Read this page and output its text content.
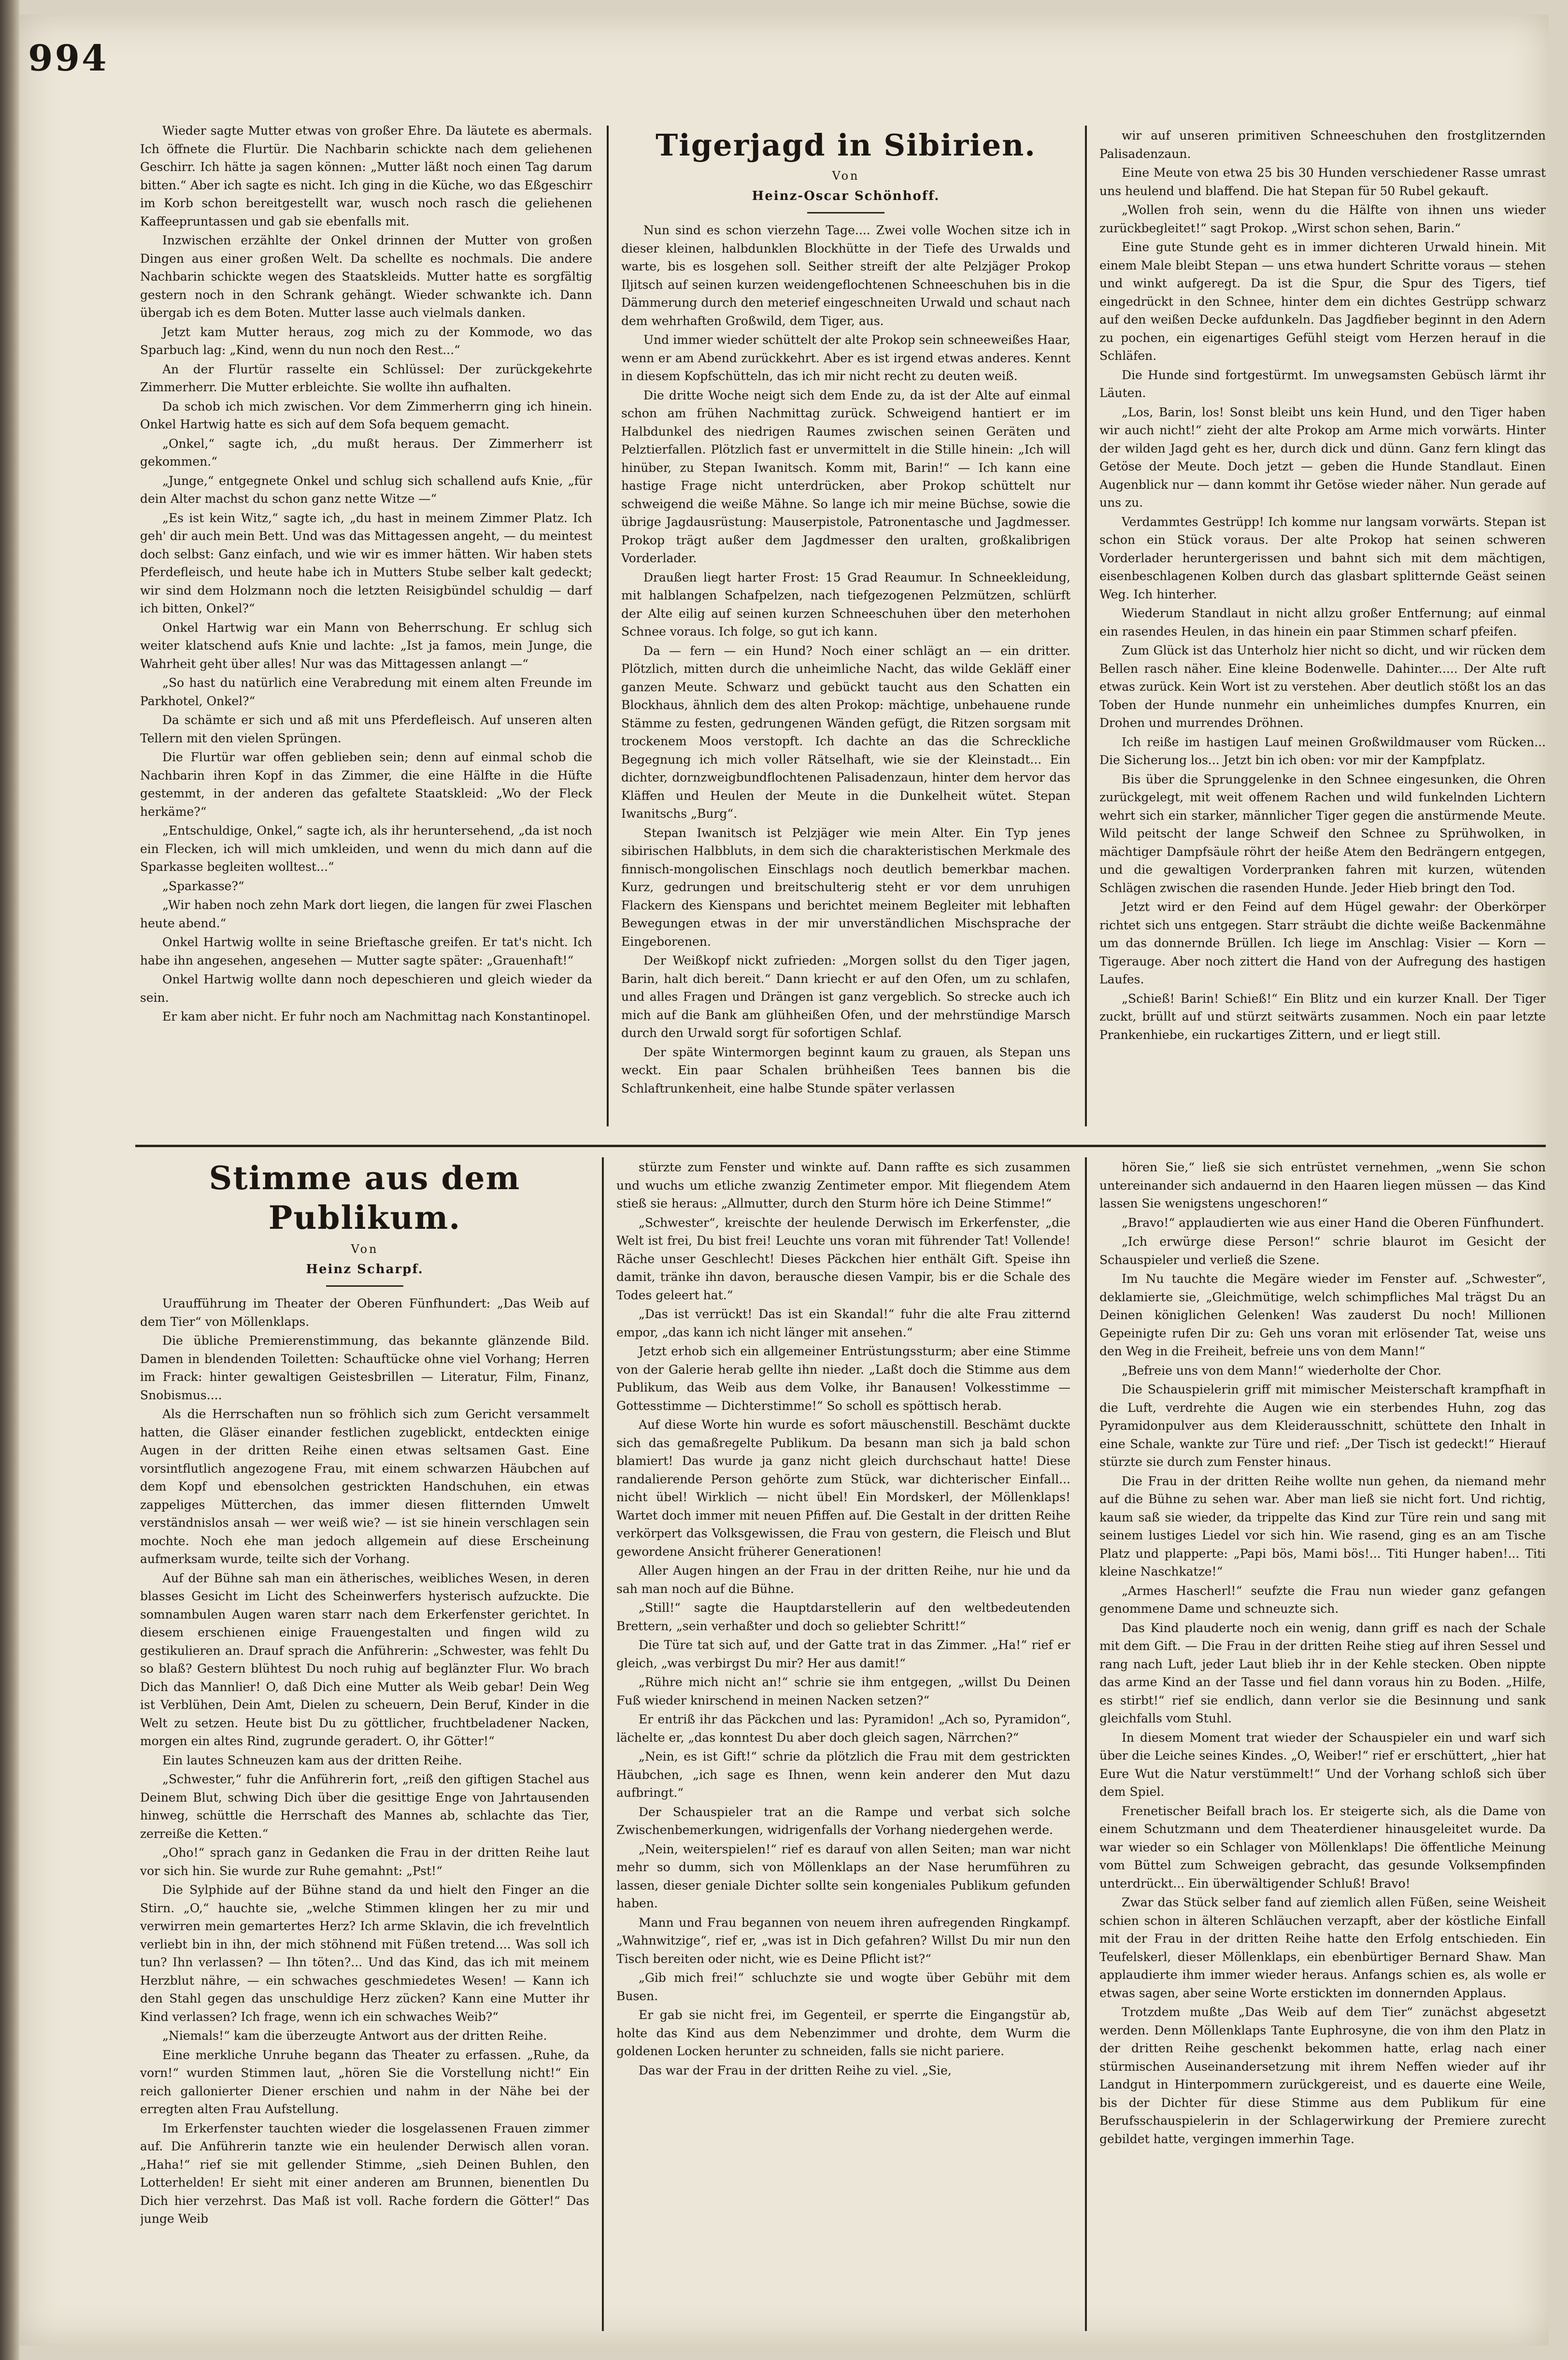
994

Wieder sagte Mutter etwas von großer Ehre. Da läutete es abermals. Ich öffnete die Flurtür. Die Nachbarin schickte nach dem geliehenen Geschirr. Ich hätte ja sagen können: „Mutter läßt noch einen Tag darum bitten.“ Aber ich sagte es nicht. Ich ging in die Küche, wo das Eßgeschirr im Korb schon bereitgestellt war, wusch noch rasch die geliehenen Kaffeepruntassen und gab sie ebenfalls mit.

Inzwischen erzählte der Onkel drinnen der Mutter von großen Dingen aus einer großen Welt. Da schellte es nochmals. Die andere Nachbarin schickte wegen des Staatskleids. Mutter hatte es sorgfältig gestern noch in den Schrank gehängt. Wieder schwankte ich. Dann übergab ich es dem Boten. Mutter lasse auch vielmals danken.

Jetzt kam Mutter heraus, zog mich zu der Kommode, wo das Sparbuch lag: „Kind, wenn du nun noch den Rest...“

An der Flurtür rasselte ein Schlüssel: Der zurückgekehrte Zimmerherr. Die Mutter erbleichte. Sie wollte ihn aufhalten.

Da schob ich mich zwischen. Vor dem Zimmerherrn ging ich hinein. Onkel Hartwig hatte es sich auf dem Sofa bequem gemacht.

„Onkel,“ sagte ich, „du mußt heraus. Der Zimmerherr ist gekommen.“

„Junge,“ entgegnete Onkel und schlug sich schallend aufs Knie, „für dein Alter machst du schon ganz nette Witze —“

„Es ist kein Witz,“ sagte ich, „du hast in meinem Zimmer Platz. Ich geh' dir auch mein Bett. Und was das Mittagessen angeht, — du meintest doch selbst: Ganz einfach, und wie wir es immer hätten. Wir haben stets Pferdefleisch, und heute habe ich in Mutters Stube selber kalt gedeckt; wir sind dem Holzmann noch die letzten Reisigbündel schuldig — darf ich bitten, Onkel?“

Onkel Hartwig war ein Mann von Beherrschung. Er schlug sich weiter klatschend aufs Knie und lachte: „Ist ja famos, mein Junge, die Wahrheit geht über alles! Nur was das Mittagessen anlangt —“

„So hast du natürlich eine Verabredung mit einem alten Freunde im Parkhotel, Onkel?“

Da schämte er sich und aß mit uns Pferdefleisch. Auf unseren alten Tellern mit den vielen Sprüngen.

Die Flurtür war offen geblieben sein; denn auf einmal schob die Nachbarin ihren Kopf in das Zimmer, die eine Hälfte in die Hüfte gestemmt, in der anderen das gefaltete Staatskleid: „Wo der Fleck herkäme?“

„Entschuldige, Onkel,“ sagte ich, als ihr heruntersehend, „da ist noch ein Flecken, ich will mich umkleiden, und wenn du mich dann auf die Sparkasse begleiten wolltest...“

„Sparkasse?“

„Wir haben noch zehn Mark dort liegen, die langen für zwei Flaschen heute abend.“

Onkel Hartwig wollte in seine Brieftasche greifen. Er tat's nicht. Ich habe ihn angesehen, angesehen — Mutter sagte später: „Grauenhaft!“

Onkel Hartwig wollte dann noch depeschieren und gleich wieder da sein.

Er kam aber nicht. Er fuhr noch am Nachmittag nach Konstantinopel.

Tigerjagd in Sibirien.
Von
Heinz-Oscar Schönhoff.

Nun sind es schon vierzehn Tage.... Zwei volle Wochen sitze ich in dieser kleinen, halbdunklen Blockhütte in der Tiefe des Urwalds und warte, bis es losgehen soll. Seither streift der alte Pelzjäger Prokop Iljitsch auf seinen kurzen weidengeflochtenen Schneeschuhen bis in die Dämmerung durch den meterief eingeschneiten Urwald und schaut nach dem wehrhaften Großwild, dem Tiger, aus.

Und immer wieder schüttelt der alte Prokop sein schneeweißes Haar, wenn er am Abend zurückkehrt. Aber es ist irgend etwas anderes. Kennt in diesem Kopfschütteln, das ich mir nicht recht zu deuten weiß.

Die dritte Woche neigt sich dem Ende zu, da ist der Alte auf einmal schon am frühen Nachmittag zurück. Schweigend hantiert er im Halbdunkel des niedrigen Raumes zwischen seinen Geräten und Pelztierfallen. Plötzlich fast er unvermittelt in die Stille hinein: „Ich will hinüber, zu Stepan Iwanitsch. Komm mit, Barin!“ — Ich kann eine hastige Frage nicht unterdrücken, aber Prokop schüttelt nur schweigend die weiße Mähne. So lange ich mir meine Büchse, sowie die übrige Jagdausrüstung: Mauserpistole, Patronentasche und Jagdmesser. Prokop trägt außer dem Jagdmesser den uralten, großkalibrigen Vorderlader.

Draußen liegt harter Frost: 15 Grad Reaumur. In Schneekleidung, mit halblangen Schafpelzen, nach tiefgezogenen Pelzmützen, schlürft der Alte eilig auf seinen kurzen Schneeschuhen über den meterhohen Schnee voraus. Ich folge, so gut ich kann.

Da — fern — ein Hund? Noch einer schlägt an — ein dritter. Plötzlich, mitten durch die unheimliche Nacht, das wilde Gekläff einer ganzen Meute. Schwarz und gebückt taucht aus den Schatten ein Blockhaus, ähnlich dem des alten Prokop: mächtige, unbehauene runde Stämme zu festen, gedrungenen Wänden gefügt, die Ritzen sorgsam mit trockenem Moos verstopft. Ich dachte an das die Schreckliche Begegnung ich mich voller Rätselhaft, wie sie der Kleinstadt... Ein dichter, dornzweigbundflochtenen Palisadenzaun, hinter dem hervor das Kläffen und Heulen der Meute in die Dunkelheit wütet. Stepan Iwanitschs „Burg“.

Stepan Iwanitsch ist Pelzjäger wie mein Alter. Ein Typ jenes sibirischen Halbbluts, in dem sich die charakteristischen Merkmale des finnisch-mongolischen Einschlags noch deutlich bemerkbar machen. Kurz, gedrungen und breitschulterig steht er vor dem unruhigen Flackern des Kienspans und berichtet meinem Begleiter mit lebhaften Bewegungen etwas in der mir unverständlichen Mischsprache der Eingeborenen.

Der Weißkopf nickt zufrieden: „Morgen sollst du den Tiger jagen, Barin, halt dich bereit.“ Dann kriecht er auf den Ofen, um zu schlafen, und alles Fragen und Drängen ist ganz vergeblich. So strecke auch ich mich auf die Bank am glühheißen Ofen, und der mehrstündige Marsch durch den Urwald sorgt für sofortigen Schlaf.

Der späte Wintermorgen beginnt kaum zu grauen, als Stepan uns weckt. Ein paar Schalen brühheißen Tees bannen bis die Schlaftrunkenheit, eine halbe Stunde später verlassen

wir auf unseren primitiven Schneeschuhen den frostglitzernden Palisadenzaun.

Eine Meute von etwa 25 bis 30 Hunden verschiedener Rasse umrast uns heulend und blaffend. Die hat Stepan für 50 Rubel gekauft.

„Wollen froh sein, wenn du die Hälfte von ihnen uns wieder zurückbegleitet!“ sagt Prokop. „Wirst schon sehen, Barin.“

Eine gute Stunde geht es in immer dichteren Urwald hinein. Mit einem Male bleibt Stepan — uns etwa hundert Schritte voraus — stehen und winkt aufgeregt. Da ist die Spur, die Spur des Tigers, tief eingedrückt in den Schnee, hinter dem ein dichtes Gestrüpp schwarz auf den weißen Decke aufdunkeln. Das Jagdfieber beginnt in den Adern zu pochen, ein eigenartiges Gefühl steigt vom Herzen herauf in die Schläfen.

Die Hunde sind fortgestürmt. Im unwegsamsten Gebüsch lärmt ihr Läuten.

„Los, Barin, los! Sonst bleibt uns kein Hund, und den Tiger haben wir auch nicht!“ zieht der alte Prokop am Arme mich vorwärts. Hinter der wilden Jagd geht es her, durch dick und dünn. Ganz fern klingt das Getöse der Meute. Doch jetzt — geben die Hunde Standlaut. Einen Augenblick nur — dann kommt ihr Getöse wieder näher. Nun gerade auf uns zu.

Verdammtes Gestrüpp! Ich komme nur langsam vorwärts. Stepan ist schon ein Stück voraus. Der alte Prokop hat seinen schweren Vorderlader heruntergerissen und bahnt sich mit dem mächtigen, eisenbeschlagenen Kolben durch das glasbart splitternde Geäst seinen Weg. Ich hinterher.

Wiederum Standlaut in nicht allzu großer Entfernung; auf einmal ein rasendes Heulen, in das hinein ein paar Stimmen scharf pfeifen.

Zum Glück ist das Unterholz hier nicht so dicht, und wir rücken dem Bellen rasch näher. Eine kleine Bodenwelle. Dahinter..... Der Alte ruft etwas zurück. Kein Wort ist zu verstehen. Aber deutlich stößt los an das Toben der Hunde nunmehr ein unheimliches dumpfes Knurren, ein Drohen und murrendes Dröhnen.

Ich reiße im hastigen Lauf meinen Großwildmauser vom Rücken... Die Sicherung los... Jetzt bin ich oben: vor mir der Kampfplatz.

Bis über die Sprunggelenke in den Schnee eingesunken, die Ohren zurückgelegt, mit weit offenem Rachen und wild funkelnden Lichtern wehrt sich ein starker, männlicher Tiger gegen die anstürmende Meute. Wild peitscht der lange Schweif den Schnee zu Sprühwolken, in mächtiger Dampfsäule röhrt der heiße Atem den Bedrängern entgegen, und die gewaltigen Vorderpranken fahren mit kurzen, wütenden Schlägen zwischen die rasenden Hunde. Jeder Hieb bringt den Tod.

Jetzt wird er den Feind auf dem Hügel gewahr: der Oberkörper richtet sich uns entgegen. Starr sträubt die dichte weiße Backenmähne um das donnernde Brüllen. Ich liege im Anschlag: Visier — Korn — Tigerauge. Aber noch zittert die Hand von der Aufregung des hastigen Laufes.

„Schieß! Barin! Schieß!“ Ein Blitz und ein kurzer Knall. Der Tiger zuckt, brüllt auf und stürzt seitwärts zusammen. Noch ein paar letzte Prankenhiebe, ein ruckartiges Zittern, und er liegt still.

Stimme aus dem Publikum.
Von
Heinz Scharpf.

Uraufführung im Theater der Oberen Fünfhundert: „Das Weib auf dem Tier“ von Möllenklaps.

Die übliche Premierenstimmung, das bekannte glänzende Bild. Damen in blendenden Toiletten: Schauftücke ohne viel Vorhang; Herren im Frack: hinter gewaltigen Geistesbrillen — Literatur, Film, Finanz, Snobismus....

Als die Herrschaften nun so fröhlich sich zum Gericht versammelt hatten, die Gläser einander festlichen zugeblickt, entdeckten einige Augen in der dritten Reihe einen etwas seltsamen Gast. Eine vorsintflutlich angezogene Frau, mit einem schwarzen Häubchen auf dem Kopf und ebensolchen gestrickten Handschuhen, ein etwas zappeliges Mütterchen, das immer diesen flitternden Umwelt verständnislos ansah — wer weiß wie? — ist sie hinein verschlagen sein mochte. Noch ehe man jedoch allgemein auf diese Erscheinung aufmerksam wurde, teilte sich der Vorhang.

Auf der Bühne sah man ein ätherisches, weibliches Wesen, in deren blasses Gesicht im Licht des Scheinwerfers hysterisch aufzuckte. Die somnambulen Augen waren starr nach dem Erkerfenster gerichtet. In diesem erschienen einige Frauengestalten und fingen wild zu gestikulieren an. Drauf sprach die Anführerin: „Schwester, was fehlt Du so blaß? Gestern blühtest Du noch ruhig auf beglänzter Flur. Wo brach Dich das Mannlier! O, daß Dich eine Mutter als Weib gebar! Dein Weg ist Verblühen, Dein Amt, Dielen zu scheuern, Dein Beruf, Kinder in die Welt zu setzen. Heute bist Du zu göttlicher, fruchtbeladener Nacken, morgen ein altes Rind, zugrunde geradert. O, ihr Götter!“

Ein lautes Schneuzen kam aus der dritten Reihe.

„Schwester,“ fuhr die Anführerin fort, „reiß den giftigen Stachel aus Deinem Blut, schwing Dich über die gesittige Enge von Jahrtausenden hinweg, schüttle die Herrschaft des Mannes ab, schlachte das Tier, zerreiße die Ketten.“

„Oho!“ sprach ganz in Gedanken die Frau in der dritten Reihe laut vor sich hin. Sie wurde zur Ruhe gemahnt: „Pst!“

Die Sylphide auf der Bühne stand da und hielt den Finger an die Stirn. „O,“ hauchte sie, „welche Stimmen klingen her zu mir und verwirren mein gemartertes Herz? Ich arme Sklavin, die ich frevelntlich verliebt bin in ihn, der mich stöhnend mit Füßen tretend.... Was soll ich tun? Ihn verlassen? — Ihn töten?... Und das Kind, das ich mit meinem Herzblut nähre, — ein schwaches geschmiedetes Wesen! — Kann ich den Stahl gegen das unschuldige Herz zücken? Kann eine Mutter ihr Kind verlassen? Ich frage, wenn ich ein schwaches Weib?“

„Niemals!“ kam die überzeugte Antwort aus der dritten Reihe.

Eine merkliche Unruhe begann das Theater zu erfassen. „Ruhe, da vorn!“ wurden Stimmen laut, „hören Sie die Vorstellung nicht!“ Ein reich gallonierter Diener erschien und nahm in der Nähe bei der erregten alten Frau Aufstellung.

Im Erkerfenster tauchten wieder die losgelassenen Frauen zimmer auf. Die Anführerin tanzte wie ein heulender Derwisch allen voran. „Haha!“ rief sie mit gellender Stimme, „sieh Deinen Buhlen, den Lotterhelden! Er sieht mit einer anderen am Brunnen, bienentlen Du Dich hier verzehrst. Das Maß ist voll. Rache fordern die Götter!“ Das junge Weib

stürzte zum Fenster und winkte auf. Dann raffte es sich zusammen und wuchs um etliche zwanzig Zentimeter empor. Mit fliegendem Atem stieß sie heraus: „Allmutter, durch den Sturm höre ich Deine Stimme!“

„Schwester“, kreischte der heulende Derwisch im Erkerfenster, „die Welt ist frei, Du bist frei! Leuchte uns voran mit führender Tat! Vollende! Räche unser Geschlecht! Dieses Päckchen hier enthält Gift. Speise ihn damit, tränke ihn davon, berausche diesen Vampir, bis er die Schale des Todes geleert hat.“

„Das ist verrückt! Das ist ein Skandal!“ fuhr die alte Frau zitternd empor, „das kann ich nicht länger mit ansehen.“

Jetzt erhob sich ein allgemeiner Entrüstungssturm; aber eine Stimme von der Galerie herab gellte ihn nieder. „Laßt doch die Stimme aus dem Publikum, das Weib aus dem Volke, ihr Banausen! Volkesstimme — Gottesstimme — Dichterstimme!“ So scholl es spöttisch herab.

Auf diese Worte hin wurde es sofort mäuschenstill. Beschämt duckte sich das gemaßregelte Publikum. Da besann man sich ja bald schon blamiert! Das wurde ja ganz nicht gleich durchschaut hatte! Diese randalierende Person gehörte zum Stück, war dichterischer Einfall... nicht übel! Wirklich — nicht übel! Ein Mordskerl, der Möllenklaps! Wartet doch immer mit neuen Pfiffen auf. Die Gestalt in der dritten Reihe verkörpert das Volksgewissen, die Frau von gestern, die Fleisch und Blut gewordene Ansicht früherer Generationen!

Aller Augen hingen an der Frau in der dritten Reihe, nur hie und da sah man noch auf die Bühne.

„Still!“ sagte die Hauptdarstellerin auf den weltbedeutenden Brettern, „sein verhaßter und doch so geliebter Schritt!“

Die Türe tat sich auf, und der Gatte trat in das Zimmer. „Ha!“ rief er gleich, „was verbirgst Du mir? Her aus damit!“

„Rühre mich nicht an!“ schrie sie ihm entgegen, „willst Du Deinen Fuß wieder knirschend in meinen Nacken setzen?“

Er entriß ihr das Päckchen und las: Pyramidon! „Ach so, Pyramidon“, lächelte er, „das konntest Du aber doch gleich sagen, Närrchen?“

„Nein, es ist Gift!“ schrie da plötzlich die Frau mit dem gestrickten Häubchen, „ich sage es Ihnen, wenn kein anderer den Mut dazu aufbringt.“

Der Schauspieler trat an die Rampe und verbat sich solche Zwischenbemerkungen, widrigenfalls der Vorhang niedergehen werde.

„Nein, weiterspielen!“ rief es darauf von allen Seiten; man war nicht mehr so dumm, sich von Möllenklaps an der Nase herumführen zu lassen, dieser geniale Dichter sollte sein kongeniales Publikum gefunden haben.

Mann und Frau begannen von neuem ihren aufregenden Ringkampf. „Wahnwitzige“, rief er, „was ist in Dich gefahren? Willst Du mir nun den Tisch bereiten oder nicht, wie es Deine Pflicht ist?“

„Gib mich frei!“ schluchzte sie und wogte über Gebühr mit dem Busen.

Er gab sie nicht frei, im Gegenteil, er sperrte die Eingangstür ab, holte das Kind aus dem Nebenzimmer und drohte, dem Wurm die goldenen Locken herunter zu schneiden, falls sie nicht pariere.

Das war der Frau in der dritten Reihe zu viel. „Sie,

hören Sie,“ ließ sie sich entrüstet vernehmen, „wenn Sie schon untereinander sich andauernd in den Haaren liegen müssen — das Kind lassen Sie wenigstens ungeschoren!“

„Bravo!“ applaudierten wie aus einer Hand die Oberen Fünfhundert.

„Ich erwürge diese Person!“ schrie blaurot im Gesicht der Schauspieler und verließ die Szene.

Im Nu tauchte die Megäre wieder im Fenster auf. „Schwester“, deklamierte sie, „Gleichmütige, welch schimpfliches Mal trägst Du an Deinen königlichen Gelenken! Was zauderst Du noch! Millionen Gepeinigte rufen Dir zu: Geh uns voran mit erlösender Tat, weise uns den Weg in die Freiheit, befreie uns von dem Mann!“

„Befreie uns von dem Mann!“ wiederholte der Chor.

Die Schauspielerin griff mit mimischer Meisterschaft krampfhaft in die Luft, verdrehte die Augen wie ein sterbendes Huhn, zog das Pyramidonpulver aus dem Kleiderausschnitt, schüttete den Inhalt in eine Schale, wankte zur Türe und rief: „Der Tisch ist gedeckt!“ Hierauf stürzte sie durch zum Fenster hinaus.

Die Frau in der dritten Reihe wollte nun gehen, da niemand mehr auf die Bühne zu sehen war. Aber man ließ sie nicht fort. Und richtig, kaum saß sie wieder, da trippelte das Kind zur Türe rein und sang mit seinem lustiges Liedel vor sich hin. Wie rasend, ging es an am Tische Platz und plapperte: „Papi bös, Mami bös!... Titi Hunger haben!... Titi kleine Naschkatze!“

„Armes Hascherl!“ seufzte die Frau nun wieder ganz gefangen genommene Dame und schneuzte sich.

Das Kind plauderte noch ein wenig, dann griff es nach der Schale mit dem Gift. — Die Frau in der dritten Reihe stieg auf ihren Sessel und rang nach Luft, jeder Laut blieb ihr in der Kehle stecken. Oben nippte das arme Kind an der Tasse und fiel dann voraus hin zu Boden. „Hilfe, es stirbt!“ rief sie endlich, dann verlor sie die Besinnung und sank gleichfalls vom Stuhl.

In diesem Moment trat wieder der Schauspieler ein und warf sich über die Leiche seines Kindes. „O, Weiber!“ rief er erschüttert, „hier hat Eure Wut die Natur verstümmelt!“ Und der Vorhang schloß sich über dem Spiel.

Frenetischer Beifall brach los. Er steigerte sich, als die Dame von einem Schutzmann und dem Theaterdiener hinausgeleitet wurde. Da war wieder so ein Schlager von Möllenklaps! Die öffentliche Meinung vom Büttel zum Schweigen gebracht, das gesunde Volksempfinden unterdrückt... Ein überwältigender Schluß! Bravo!

Zwar das Stück selber fand auf ziemlich allen Füßen, seine Weisheit schien schon in älteren Schläuchen verzapft, aber der köstliche Einfall mit der Frau in der dritten Reihe hatte den Erfolg entschieden. Ein Teufelskerl, dieser Möllenklaps, ein ebenbürtiger Bernard Shaw. Man applaudierte ihm immer wieder heraus. Anfangs schien es, als wolle er etwas sagen, aber seine Worte erstickten im donnernden Applaus.

Trotzdem mußte „Das Weib auf dem Tier“ zunächst abgesetzt werden. Denn Möllenklaps Tante Euphrosyne, die von ihm den Platz in der dritten Reihe geschenkt bekommen hatte, erlag nach einer stürmischen Auseinandersetzung mit ihrem Neffen wieder auf ihr Landgut in Hinterpommern zurückgereist, und es dauerte eine Weile, bis der Dichter für diese Stimme aus dem Publikum für eine Berufsschauspielerin in der Schlagerwirkung der Premiere zurecht gebildet hatte, vergingen immerhin Tage.
